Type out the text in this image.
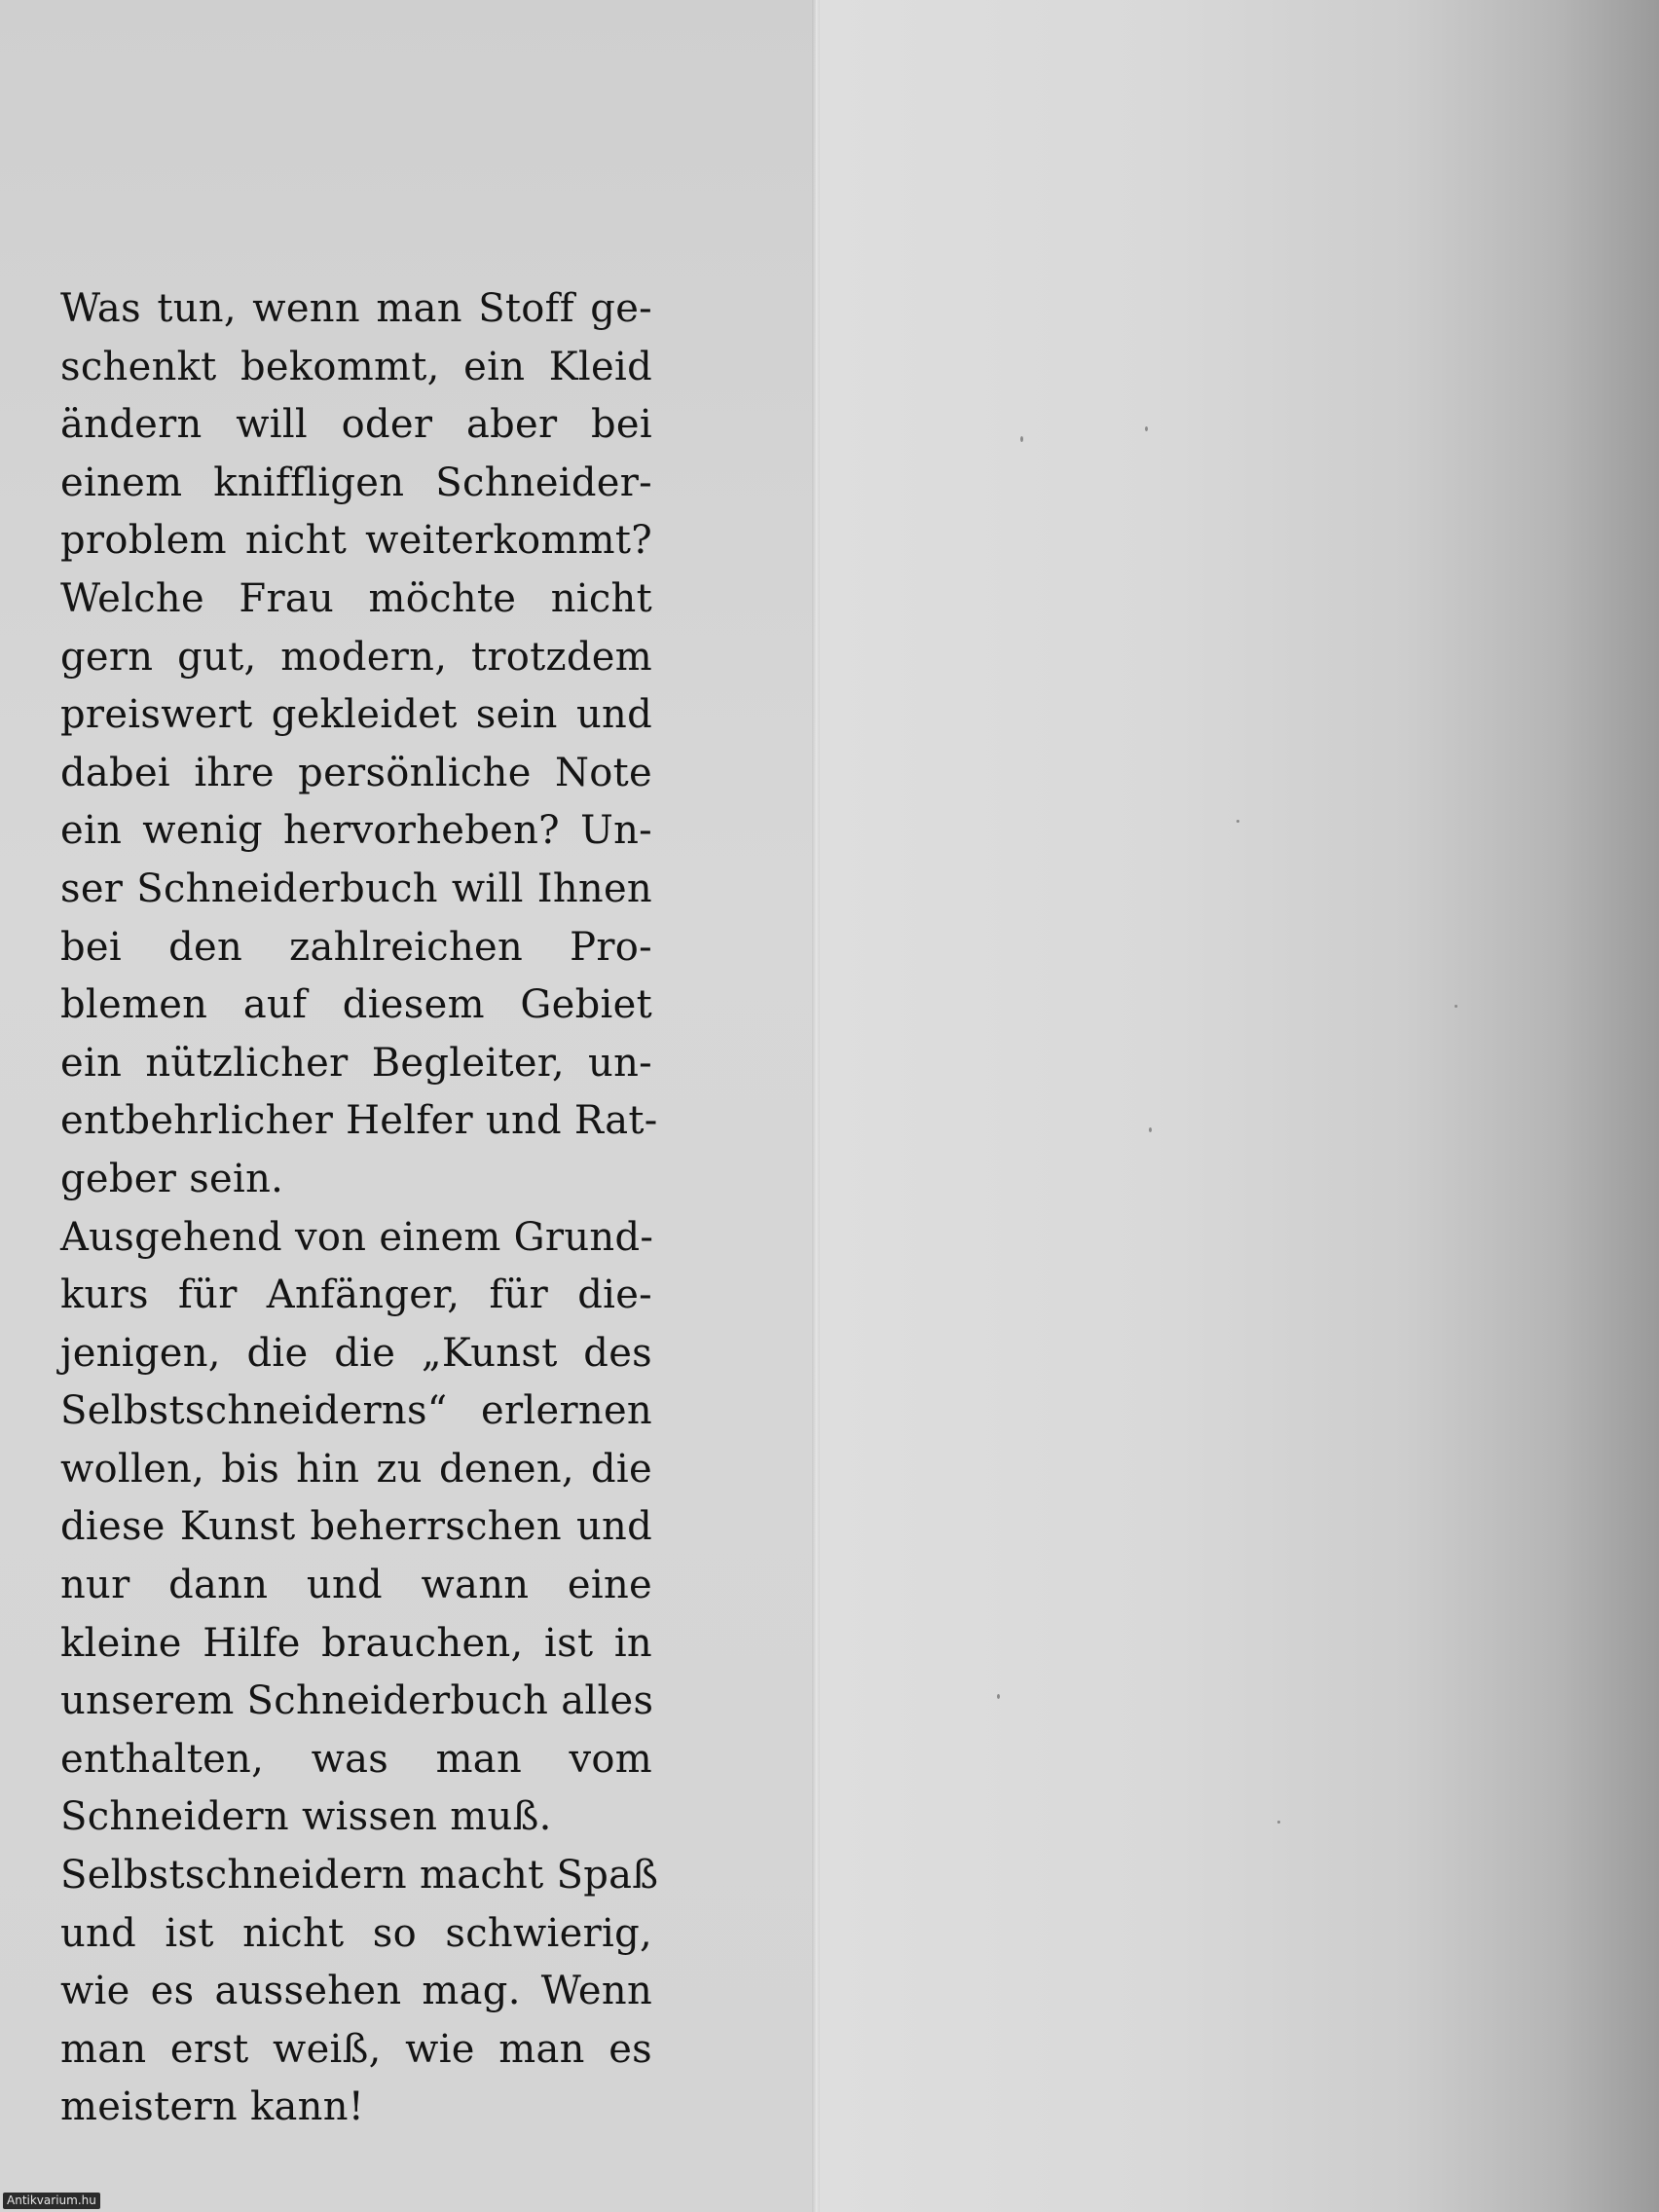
Was tun, wenn man Stoff ge-
schenkt bekommt, ein Kleid
ändern will oder aber bei
einem kniffligen Schneider-
problem nicht weiterkommt?
Welche Frau möchte nicht
gern gut, modern, trotzdem
preiswert gekleidet sein und
dabei ihre persönliche Note
ein wenig hervorheben? Un-
ser Schneiderbuch will Ihnen
bei den zahlreichen Pro-
blemen auf diesem Gebiet
ein nützlicher Begleiter, un-
entbehrlicher Helfer und Rat-
geber sein.
Ausgehend von einem Grund-
kurs für Anfänger, für die-
jenigen, die die „Kunst des
Selbstschneiderns“ erlernen
wollen, bis hin zu denen, die
diese Kunst beherrschen und
nur dann und wann eine
kleine Hilfe brauchen, ist in
unserem Schneiderbuch alles
enthalten, was man vom
Schneidern wissen muß.
Selbstschneidern macht Spaß
und ist nicht so schwierig,
wie es aussehen mag. Wenn
man erst weiß, wie man es
meistern kann!
Antikvarium.hu
